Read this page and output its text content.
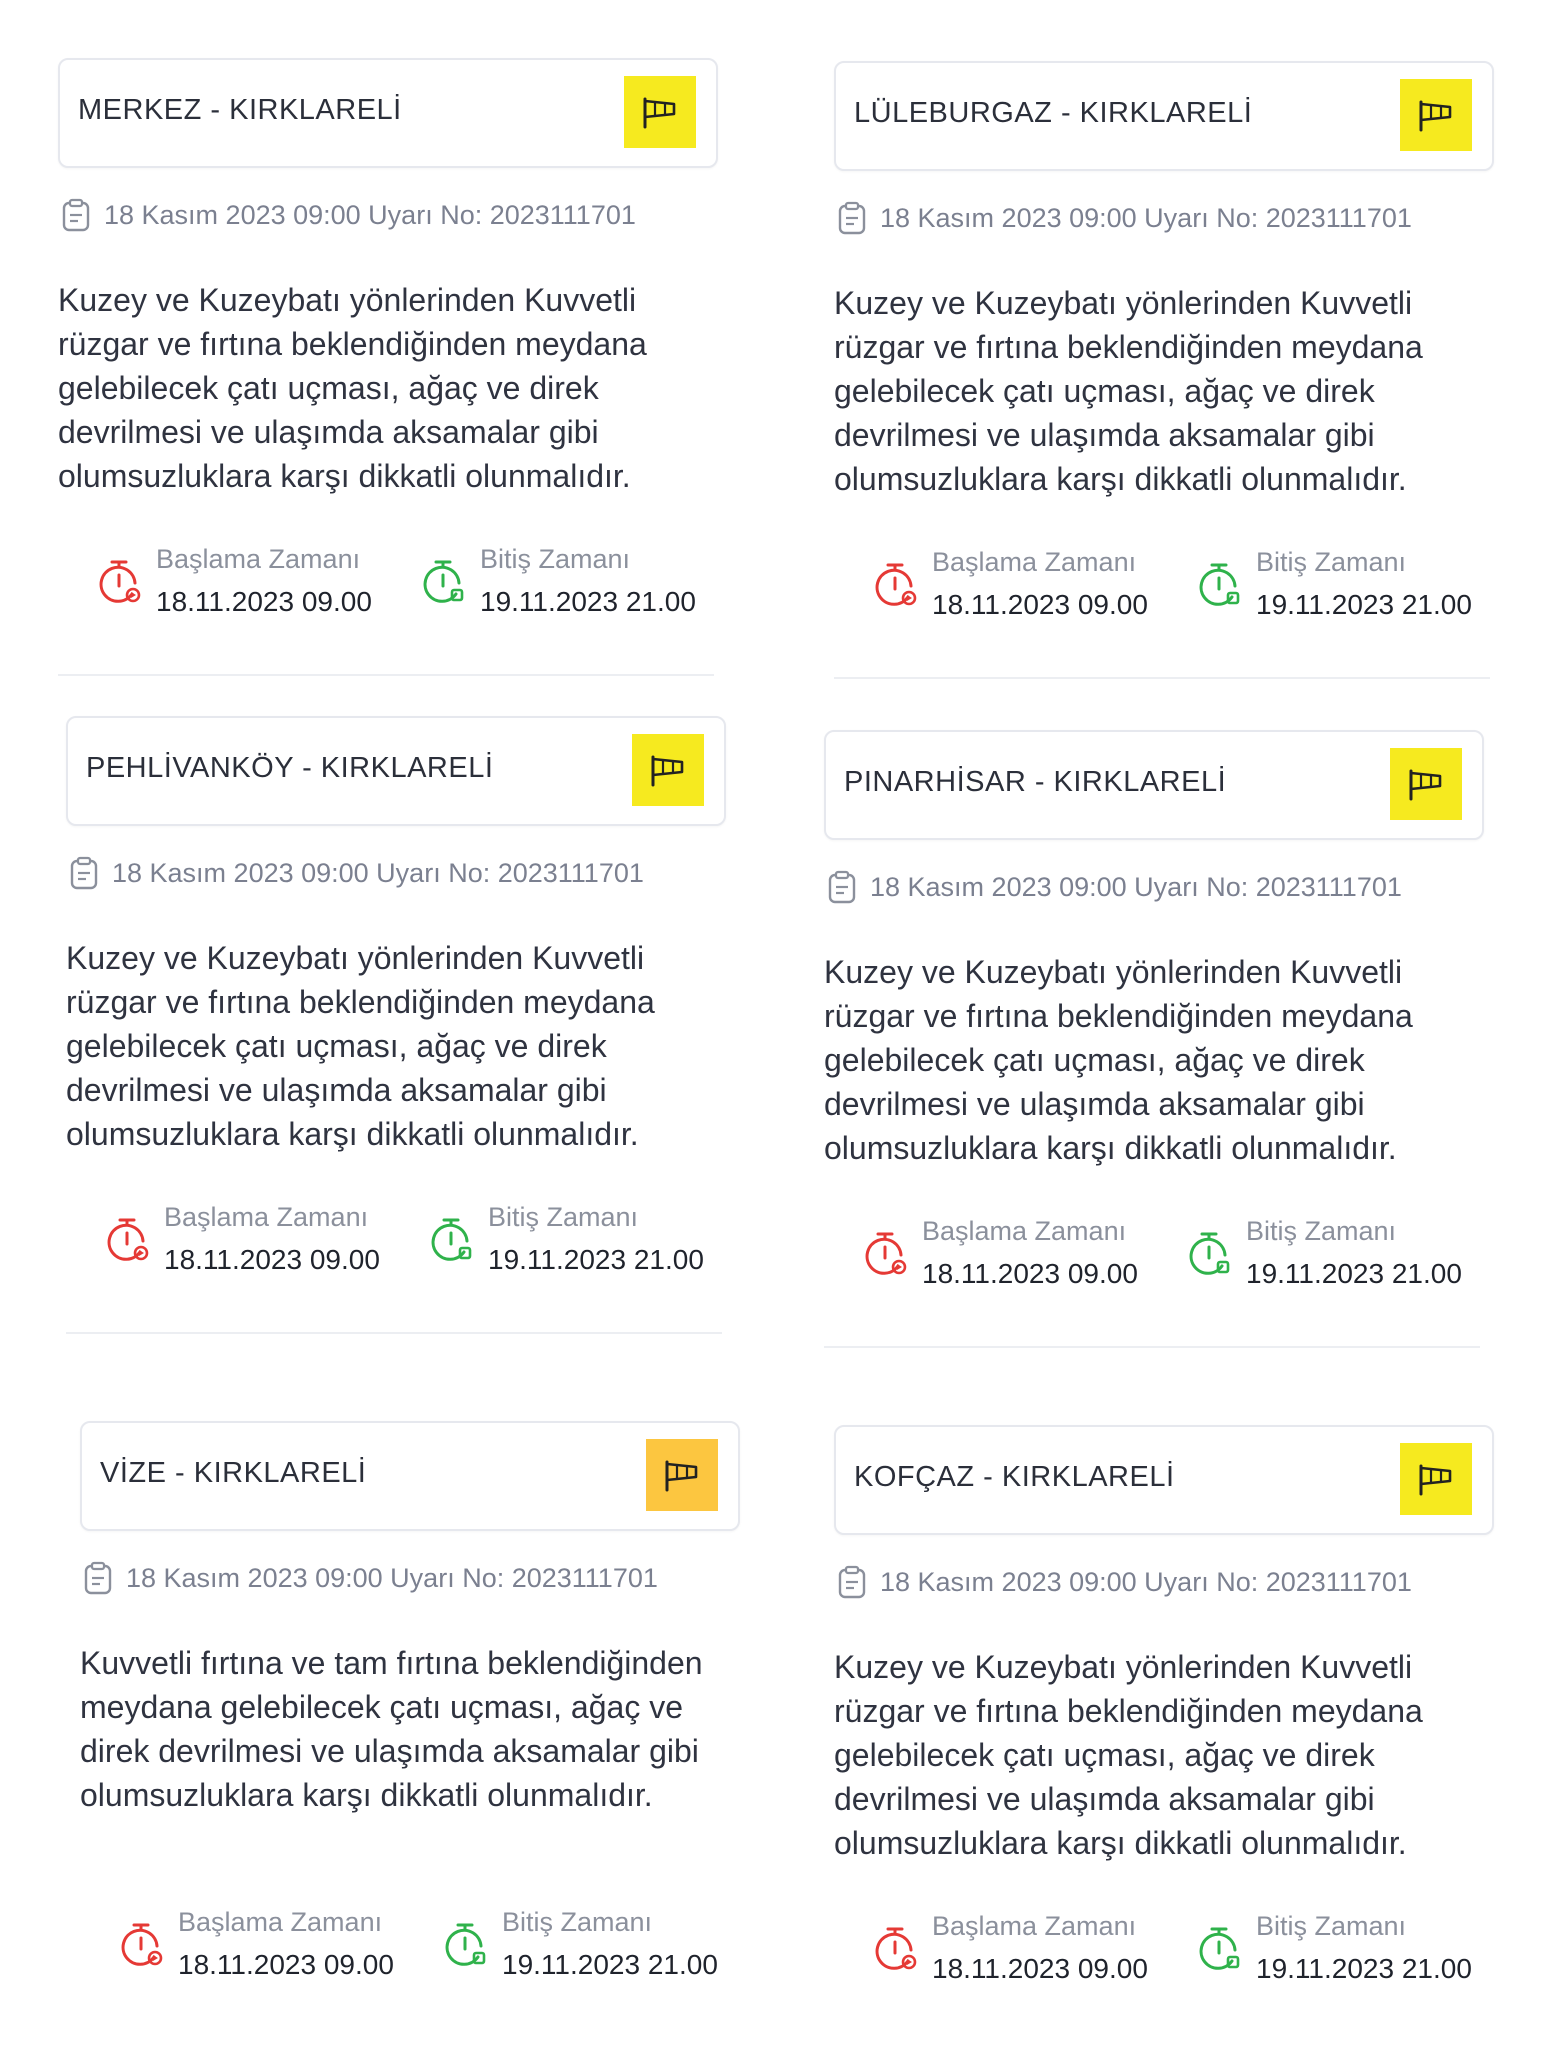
MERKEZ - KIRKLARELİ
18 Kasım 2023 09:00 Uyarı No: 2023111701
Kuzey ve Kuzeybatı yönlerinden Kuvvetli rüzgar ve fırtına beklendiğinden meydana gelebilecek çatı uçması, ağaç ve direk devrilmesi ve ulaşımda aksamalar gibi olumsuzluklara karşı dikkatli olunmalıdır.
Başlama Zamanı
18.11.2023 09.00
Bitiş Zamanı
19.11.2023 21.00
LÜLEBURGAZ - KIRKLARELİ
18 Kasım 2023 09:00 Uyarı No: 2023111701
Kuzey ve Kuzeybatı yönlerinden Kuvvetli rüzgar ve fırtına beklendiğinden meydana gelebilecek çatı uçması, ağaç ve direk devrilmesi ve ulaşımda aksamalar gibi olumsuzluklara karşı dikkatli olunmalıdır.
Başlama Zamanı
18.11.2023 09.00
Bitiş Zamanı
19.11.2023 21.00
PEHLİVANKÖY - KIRKLARELİ
18 Kasım 2023 09:00 Uyarı No: 2023111701
Kuzey ve Kuzeybatı yönlerinden Kuvvetli rüzgar ve fırtına beklendiğinden meydana gelebilecek çatı uçması, ağaç ve direk devrilmesi ve ulaşımda aksamalar gibi olumsuzluklara karşı dikkatli olunmalıdır.
Başlama Zamanı
18.11.2023 09.00
Bitiş Zamanı
19.11.2023 21.00
PINARHİSAR - KIRKLARELİ
18 Kasım 2023 09:00 Uyarı No: 2023111701
Kuzey ve Kuzeybatı yönlerinden Kuvvetli rüzgar ve fırtına beklendiğinden meydana gelebilecek çatı uçması, ağaç ve direk devrilmesi ve ulaşımda aksamalar gibi olumsuzluklara karşı dikkatli olunmalıdır.
Başlama Zamanı
18.11.2023 09.00
Bitiş Zamanı
19.11.2023 21.00
VİZE - KIRKLARELİ
18 Kasım 2023 09:00 Uyarı No: 2023111701
Kuvvetli fırtına ve tam fırtına beklendiğinden meydana gelebilecek çatı uçması, ağaç ve direk devrilmesi ve ulaşımda aksamalar gibi olumsuzluklara karşı dikkatli olunmalıdır.
Başlama Zamanı
18.11.2023 09.00
Bitiş Zamanı
19.11.2023 21.00
KOFÇAZ - KIRKLARELİ
18 Kasım 2023 09:00 Uyarı No: 2023111701
Kuzey ve Kuzeybatı yönlerinden Kuvvetli rüzgar ve fırtına beklendiğinden meydana gelebilecek çatı uçması, ağaç ve direk devrilmesi ve ulaşımda aksamalar gibi olumsuzluklara karşı dikkatli olunmalıdır.
Başlama Zamanı
18.11.2023 09.00
Bitiş Zamanı
19.11.2023 21.00
